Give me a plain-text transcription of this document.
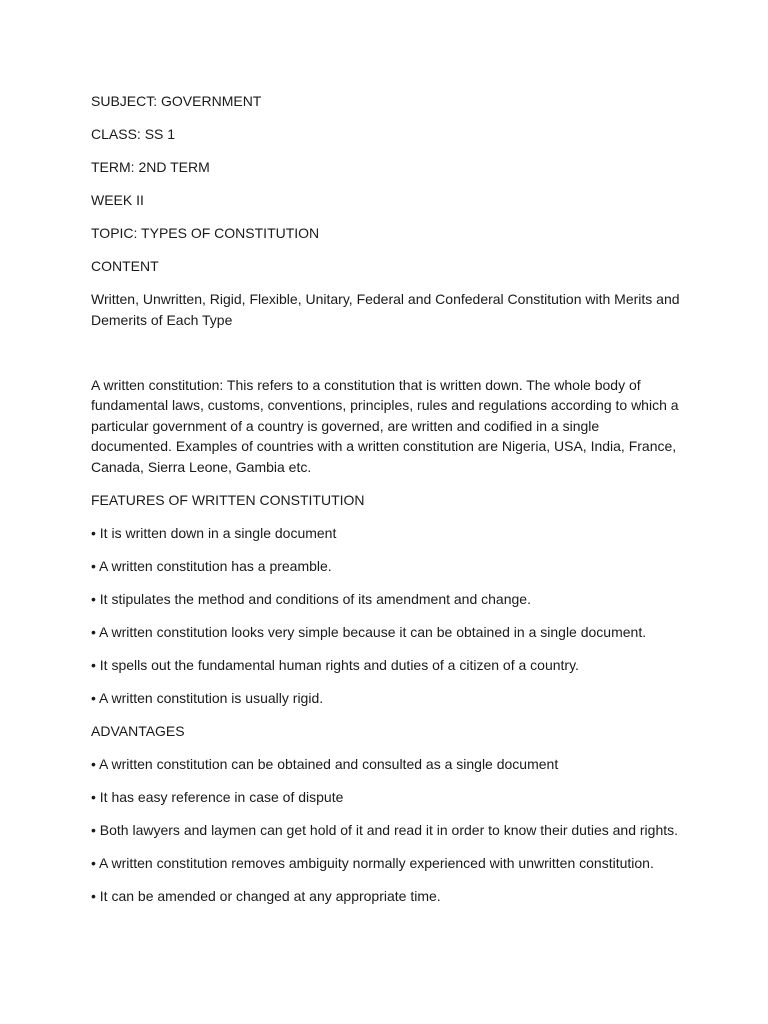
SUBJECT: GOVERNMENT
CLASS: SS 1
TERM: 2ND TERM
WEEK II
TOPIC: TYPES OF CONSTITUTION
CONTENT
Written, Unwritten, Rigid, Flexible, Unitary, Federal and Confederal Constitution with Merits and Demerits of Each Type
A written constitution: This refers to a constitution that is written down. The whole body of fundamental laws, customs, conventions, principles, rules and regulations according to which a particular government of a country is governed, are written and codified in a single documented. Examples of countries with a written constitution are Nigeria, USA, India, France, Canada, Sierra Leone, Gambia etc.
FEATURES OF WRITTEN CONSTITUTION
• It is written down in a single document
• A written constitution has a preamble.
• It stipulates the method and conditions of its amendment and change.
• A written constitution looks very simple because it can be obtained in a single document.
• It spells out the fundamental human rights and duties of a citizen of a country.
• A written constitution is usually rigid.
ADVANTAGES
• A written constitution can be obtained and consulted as a single document
• It has easy reference in case of dispute
• Both lawyers and laymen can get hold of it and read it in order to know their duties and rights.
• A written constitution removes ambiguity normally experienced with unwritten constitution.
• It can be amended or changed at any appropriate time.
